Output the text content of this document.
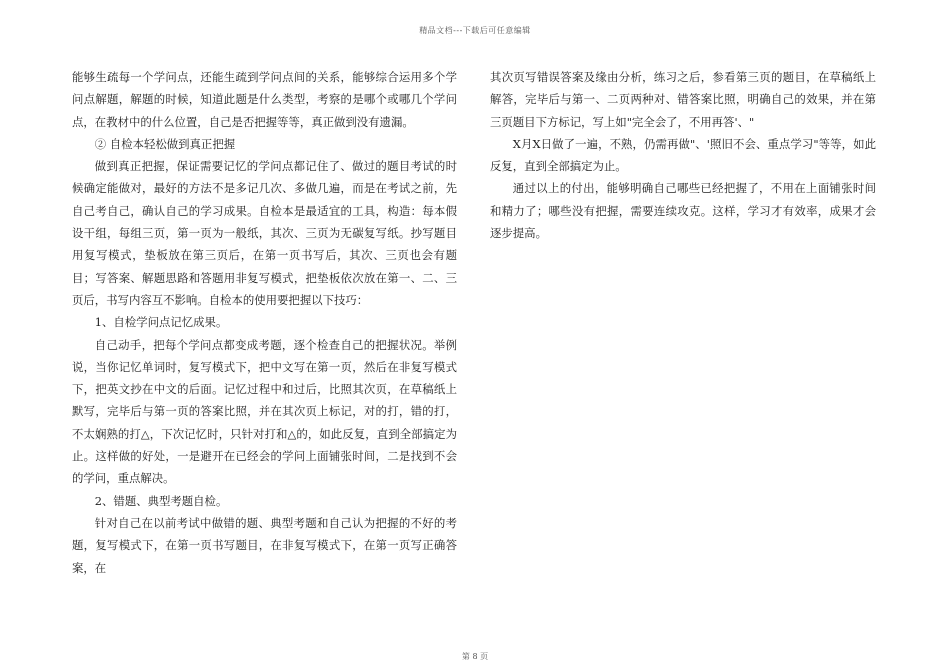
精品文档---下载后可任意编辑

能够生疏每一个学问点，还能生疏到学问点间的关系，能够综合运用多个学问点解题，解题的时候，知道此题是什么类型，考察的是哪个或哪几个学问点，在教材中的什么位置，自己是否把握等等，真正做到没有遗漏。

② 自检本轻松做到真正把握

做到真正把握，保证需要记忆的学问点都记住了、做过的题目考试的时候确定能做对，最好的方法不是多记几次、多做几遍，而是在考试之前，先自己考自己，确认自己的学习成果。自检本是最适宜的工具，构造：每本假设干组，每组三页，第一页为一般纸，其次、三页为无碳复写纸。抄写题目用复写模式，垫板放在第三页后，在第一页书写后，其次、三页也会有题目；写答案、解题思路和答题用非复写模式，把垫板依次放在第一、二、三页后，书写内容互不影响。自检本的使用要把握以下技巧：

1、自检学问点记忆成果。

自己动手，把每个学问点都变成考题，逐个检查自己的把握状况。举例说，当你记忆单词时，复写模式下，把中文写在第一页，然后在非复写模式下，把英文抄在中文的后面。记忆过程中和过后，比照其次页，在草稿纸上默写，完毕后与第一页的答案比照，并在其次页上标记，对的打，错的打，不太娴熟的打△，下次记忆时，只针对打和△的，如此反复，直到全部搞定为止。这样做的好处，一是避开在已经会的学问上面铺张时间，二是找到不会的学问，重点解决。

2、错题、典型考题自检。

针对自己在以前考试中做错的题、典型考题和自己认为把握的不好的考题，复写模式下，在第一页书写题目，在非复写模式下，在第一页写正确答案，在

其次页写错误答案及缘由分析，练习之后，参看第三页的题目，在草稿纸上解答，完毕后与第一、二页两种对、错答案比照，明确自己的效果，并在第三页题目下方标记，写上如"完全会了，不用再答'、"

X月X日做了一遍，不熟，仍需再做"、'照旧不会、重点学习"等等，如此反复，直到全部搞定为止。

通过以上的付出，能够明确自己哪些已经把握了，不用在上面铺张时间和精力了；哪些没有把握，需要连续攻克。这样，学习才有效率，成果才会逐步提高。

第 8 页
